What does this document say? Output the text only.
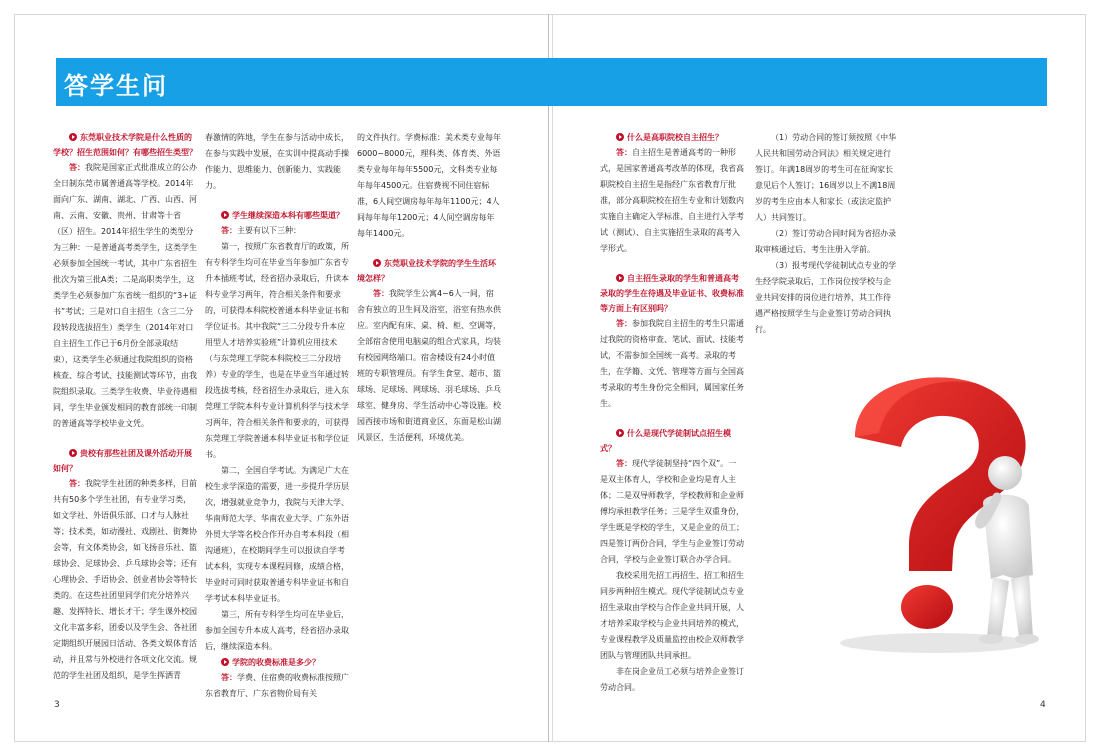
答学生问

东莞职业技术学院是什么性质的学校？招生范围如何？有哪些招生类型？

答：我院是国家正式批准成立的公办全日制东莞市属普通高等学校。2014年面向广东、湖南、湖北、广西、山西、河南、云南、安徽、贵州、甘肃等十省（区）招生。2014年招生学生的类型分为三种：一是普通高考类学生，这类学生必须参加全国统一考试，其中广东省招生批次为第三批A类；二是高职类学生，这类学生必须参加广东省统一组织的“3+证书”考试；三是对口自主招生（含三二分段转段选拔招生）类学生（2014年对口自主招生工作已于6月份全部录取结束），这类学生必须通过我院组织的资格核查、综合考试、技能测试等环节，由我院组织录取。三类学生收费、毕业待遇相同，学生毕业颁发相同的教育部统一印制的普通高等学校毕业文凭。

贵校有那些社团及课外活动开展如何？

答：我院学生社团的种类多样，目前共有50多个学生社团，有专业学习类，如文学社、外语俱乐部、口才与人脉社等；技术类，如动漫社、戏剧社、街舞协会等，有文体类协会，如飞扬音乐社、篮球协会、足球协会、乒乓球协会等；还有心理协会、手语协会、创业者协会等特长类的。在这些社团里同学们充分培养兴趣、发挥特长、增长才干；学生课外校园文化丰富多彩，团委以及学生会、各社团定期组织开展园日活动、各类文娱体育活动，并且常与外校进行各项文化交流。规范的学生社团及组织，是学生挥洒青

春激情的阵地，学生在参与活动中成长，在参与实践中发展，在实训中提高动手操作能力、思维能力、创新能力、实践能力。

学生继续深造本科有哪些渠道？

答：主要有以下三种：

第一，按照广东省教育厅的政策，所有专科学生均可在毕业当年参加广东省专升本插班考试，经省招办录取后，升读本科专业学习两年，符合相关条件和要求的，可获得本科院校普通本科毕业证书和学位证书。其中我院“三二分段专升本应用型人才培养实验班”计算机应用技术（与东莞理工学院本科院校三二分段培养）专业的学生，也是在毕业当年通过转段选拔考核，经省招生办录取后，进入东莞理工学院本科专业计算机科学与技术学习两年，符合相关条件和要求的，可获得东莞理工学院普通本科毕业证书和学位证书。

第二，全国自学考试。为满足广大在校生求学深造的需要，进一步提升学历层次，增强就业竞争力，我院与天津大学、华南师范大学、华南农业大学、广东外语外贸大学等名校合作开办自考本科段（相沟通班），在校期间学生可以报读自学考试本科，实现专本课程同修，成绩合格，毕业时可同时获取普通专科毕业证书和自学考试本科毕业证书。

第三，所有专科学生均可在毕业后，参加全国专升本成人高考，经省招办录取后，继续深造本科。

学院的收费标准是多少？

答：学费、住宿费的收费标准按照广东省教育厅、广东省物价局有关

的文件执行。学费标准：美术类专业每年6000~8000元，理科类、体育类、外语类专业每年每年5500元，文科类专业每年每年4500元。住宿费视不同住宿标准，6人间空调房每年每年1100元；4人间每年每年1200元；4人间空调房每年每年1400元。

东莞职业技术学院的学生生活环境怎样？

答：我院学生公寓4~6人一间，宿舍有独立的卫生间及浴室，浴室有热水供应。室内配有床、桌、椅、柜、空调等，全部宿舍使用电脑桌的组合式家具，均装有校园网络端口。宿舍楼设有24小时值班的专职管理员。有学生食堂、超市、篮球场、足球场、网球场、羽毛球场、乒乓球室、健身房、学生活动中心等设施。校园西接市场和街道商业区，东面是松山湖风景区，生活便利，环境优美。

什么是高职院校自主招生？

答：自主招生是普通高考的一种形式，是国家普通高考改革的体现，我省高职院校自主招生是指经广东省教育厅批准，部分高职院校在招生专业和计划数内实施自主确定入学标准、自主进行入学考试（测试）、自主实施招生录取的高考入学形式。

自主招生录取的学生和普通高考录取的学生在待遇及毕业证书、收费标准等方面上有区别吗？

答：参加我院自主招生的考生只需通过我院的资格审查、笔试、面试、技能考试，不需参加全国统一高考。录取的考生，在学籍、文凭、管理等方面与全国高考录取的考生身份完全相同，属国家任务生。

什么是现代学徒制试点招生模式？

答：现代学徒制坚持“四个双”。一是双主体育人，学校和企业均是育人主体；二是双导师教学，学校教师和企业师傅均承担教学任务；三是学生双重身份，学生既是学校的学生，又是企业的员工；四是签订两份合同，学生与企业签订劳动合同，学校与企业签订联合办学合同。

我校采用先招工再招生、招工和招生同步两种招生模式。现代学徒制试点专业招生录取由学校与合作企业共同开展，人才培养采取学校与企业共同培养的模式，专业课程教学及质量监控由校企双师教学团队与管理团队共同承担。

非在岗企业员工必须与培养企业签订劳动合同。

（1）劳动合同的签订须按照《中华人民共和国劳动合同法》相关规定进行签订。年满18周岁的考生可在征询家长意见后个人签订；16周岁以上不满18周岁的考生应由本人和家长（或法定监护人）共同签订。

（2）签订劳动合同时间为省招办录取审核通过后、考生注册入学前。

（3）报考现代学徒制试点专业的学生经学院录取后，工作岗位按学校与企业共同安排的岗位进行培养，其工作待遇严格按照学生与企业签订劳动合同执行。

3	4
